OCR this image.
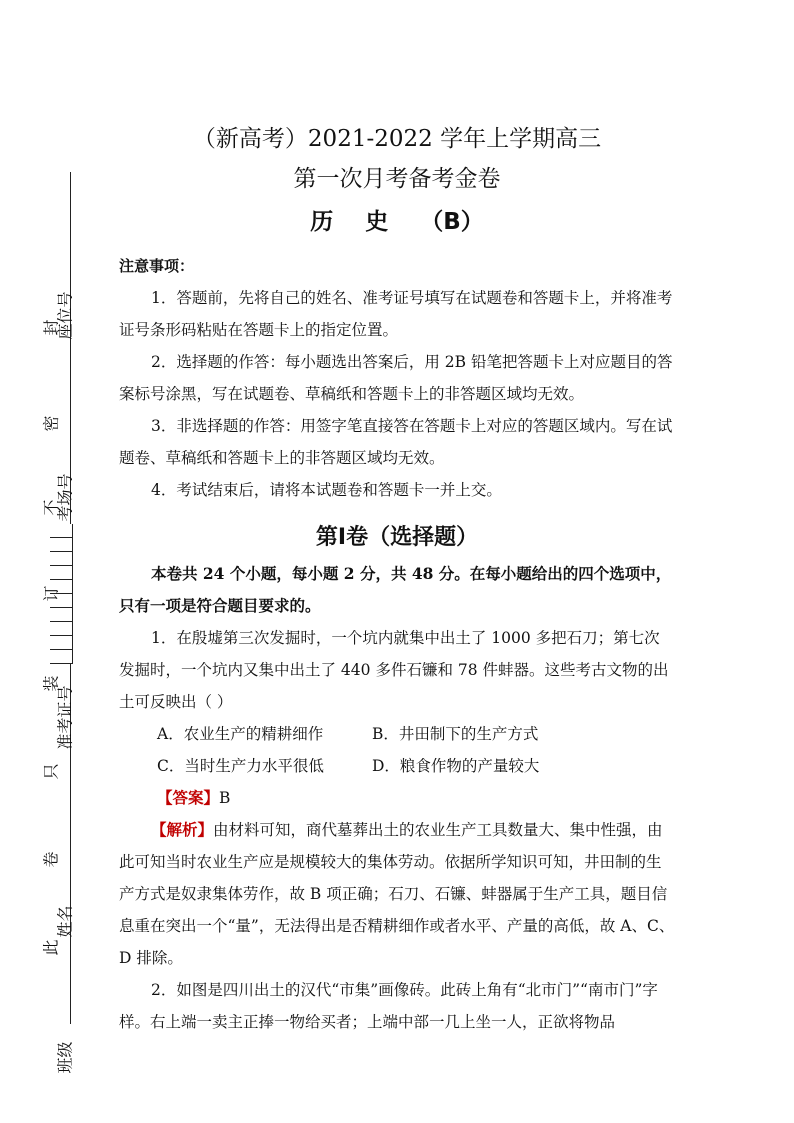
座位号
考场号
准考证号
姓名
班级
封
密
不
订
装
只
卷
此
（新高考）2021-2022 学年上学期高三
第一次月考备考金卷
历    史    （B）
注意事项：
1．答题前，先将自己的姓名、准考证号填写在试题卷和答题卡上，并将准考证号条形码粘贴在答题卡上的指定位置。
2．选择题的作答：每小题选出答案后，用 2B 铅笔把答题卡上对应题目的答案标号涂黑，写在试题卷、草稿纸和答题卡上的非答题区域均无效。
3．非选择题的作答：用签字笔直接答在答题卡上对应的答题区域内。写在试题卷、草稿纸和答题卡上的非答题区域均无效。
4．考试结束后，请将本试题卷和答题卡一并上交。
第Ⅰ卷（选择题）
本卷共 24 个小题，每小题 2 分，共 48 分。在每小题给出的四个选项中，只有一项是符合题目要求的。
1．在殷墟第三次发掘时，一个坑内就集中出土了 1000 多把石刀；第七次发掘时，一个坑内又集中出土了 440 多件石镰和 78 件蚌器。这些考古文物的出土可反映出（ ）
A．农业生产的精耕细作	B．井田制下的生产方式
C．当时生产力水平很低	D．粮食作物的产量较大
【答案】B
【解析】由材料可知，商代墓葬出土的农业生产工具数量大、集中性强，由此可知当时农业生产应是规模较大的集体劳动。依据所学知识可知，井田制的生产方式是奴隶集体劳作，故 B 项正确；石刀、石镰、蚌器属于生产工具，题目信息重在突出一个“量”，无法得出是否精耕细作或者水平、产量的高低，故 A、C、D 排除。
2．如图是四川出土的汉代“市集”画像砖。此砖上角有“北市门”“南市门”字样。右上端一卖主正捧一物给买者；上端中部一几上坐一人，正欲将物品
